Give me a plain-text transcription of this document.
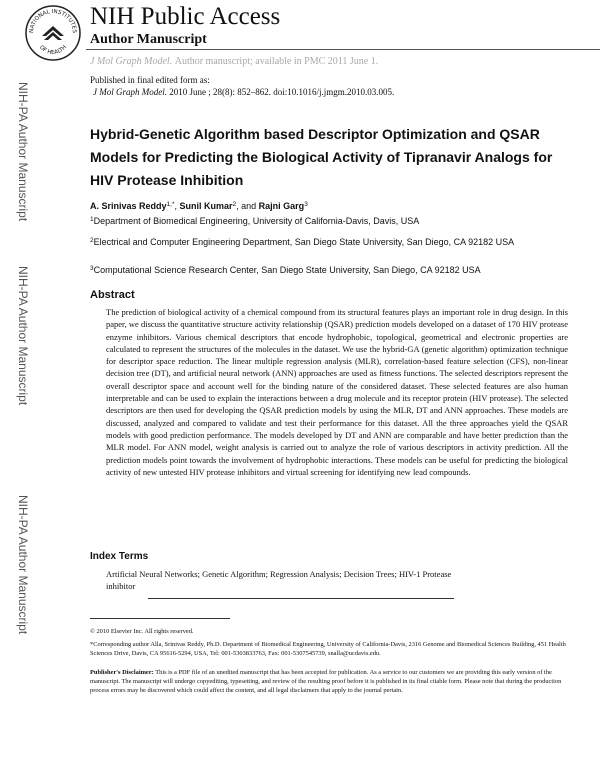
NATIONAL INSTITUTES
OF HEALTH
NIH Public Access
Author Manuscript
J Mol Graph Model. Author manuscript; available in PMC 2011 June 1.
NIH-PA Author Manuscript
NIH-PA Author Manuscript
NIH-PA Author Manuscript
Published in final edited form as:
J Mol Graph Model. 2010 June ; 28(8): 852–862. doi:10.1016/j.jmgm.2010.03.005.
Hybrid-Genetic Algorithm based Descriptor Optimization and QSAR Models for Predicting the Biological Activity of Tipranavir Analogs for HIV Protease Inhibition
A. Srinivas Reddy$^{1,*}$, Sunil Kumar$^2$, and Rajni Garg$^3$
$^1$Department of Biomedical Engineering, University of California-Davis, Davis, USA
$^2$Electrical and Computer Engineering Department, San Diego State University, San Diego, CA 92182 USA
$^3$Computational Science Research Center, San Diego State University, San Diego, CA 92182 USA
Abstract
The prediction of biological activity of a chemical compound from its structural features plays an important role in drug design. In this paper, we discuss the quantitative structure activity relationship (QSAR) prediction models developed on a dataset of 170 HIV protease enzyme inhibitors. Various chemical descriptors that encode hydrophobic, topological, geometrical and electronic properties are calculated to represent the structures of the molecules in the dataset. We use the hybrid-GA (genetic algorithm) optimization technique for descriptor space reduction. The linear multiple regression analysis (MLR), correlation-based feature selection (CFS), non-linear decision tree (DT), and artificial neural network (ANN) approaches are used as fitness functions. The selected descriptors represent the overall descriptor space and account well for the binding nature of the considered dataset. These selected features are also human interpretable and can be used to explain the interactions between a drug molecule and its receptor protein (HIV protease). The selected descriptors are then used for developing the QSAR prediction models by using the MLR, DT and ANN approaches. These models are discussed, analyzed and compared to validate and test their performance for this dataset. All the three approaches yield the QSAR models with good prediction performance. The models developed by DT and ANN are comparable and have better prediction than the MLR model. For ANN model, weight analysis is carried out to analyze the role of various descriptors in activity prediction. All the prediction models point towards the involvement of hydrophobic interactions. These models can be useful for predicting the biological activity of new untested HIV protease inhibitors and virtual screening for identifying new lead compounds.
Index Terms
Artificial Neural Networks; Genetic Algorithm; Regression Analysis; Decision Trees; HIV-1 Protease inhibitor
© 2010 Elsevier Inc. All rights reserved.
*Corresponding author Alla, Srinivas Reddy, Ph.D. Department of Biomedical Engineering, University of California-Davis, 2316 Genome and Biomedical Sciences Building, 451 Health Sciences Drive, Davis, CA 95616-5294, USA, Tel: 001-5303833763, Fax: 001-5307545739, snalla@ucdavis.edu.
Publisher's Disclaimer: This is a PDF file of an unedited manuscript that has been accepted for publication. As a service to our customers we are providing this early version of the manuscript. The manuscript will undergo copyediting, typesetting, and review of the resulting proof before it is published in its final citable form. Please note that during the production process errors may be discovered which could affect the content, and all legal disclaimers that apply to the journal pertain.
